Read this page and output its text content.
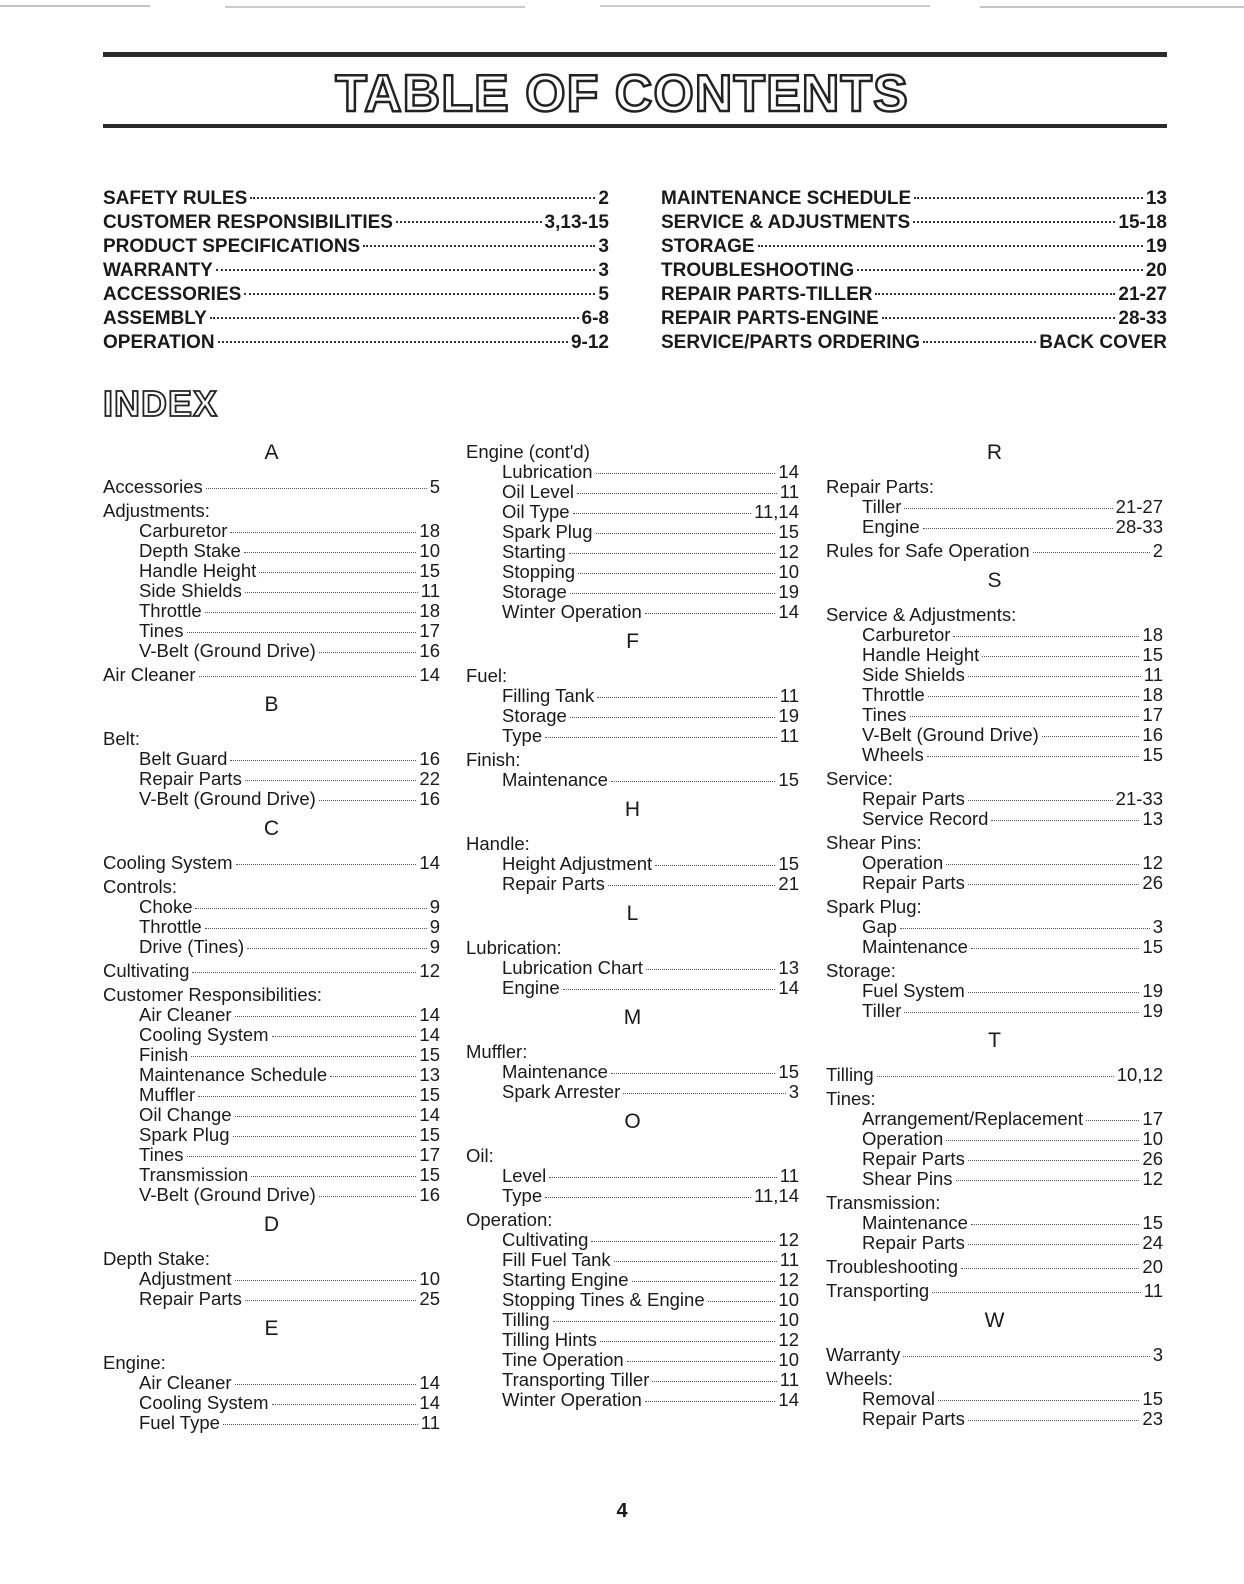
TABLE OF CONTENTS
SAFETY RULES	2
CUSTOMER RESPONSIBILITIES	3,13-15
PRODUCT SPECIFICATIONS	3
WARRANTY	3
ACCESSORIES	5
ASSEMBLY	6-8
OPERATION	9-12
MAINTENANCE SCHEDULE	13
SERVICE & ADJUSTMENTS	15-18
STORAGE	19
TROUBLESHOOTING	20
REPAIR PARTS-TILLER	21-27
REPAIR PARTS-ENGINE	28-33
SERVICE/PARTS ORDERING	BACK COVER
INDEX
A
Accessories	5
Adjustments:
Carburetor	18
Depth Stake	10
Handle Height	15
Side Shields	11
Throttle	18
Tines	17
V-Belt (Ground Drive)	16
Air Cleaner	14
B
Belt:
Belt Guard	16
Repair Parts	22
V-Belt (Ground Drive)	16
C
Cooling System	14
Controls:
Choke	9
Throttle	9
Drive (Tines)	9
Cultivating	12
Customer Responsibilities:
Air Cleaner	14
Cooling System	14
Finish	15
Maintenance Schedule	13
Muffler	15
Oil Change	14
Spark Plug	15
Tines	17
Transmission	15
V-Belt (Ground Drive)	16
D
Depth Stake:
Adjustment	10
Repair Parts	25
E
Engine:
Air Cleaner	14
Cooling System	14
Fuel Type	11
Engine (cont'd)
Lubrication	14
Oil Level	11
Oil Type	11,14
Spark Plug	15
Starting	12
Stopping	10
Storage	19
Winter Operation	14
F
Fuel:
Filling Tank	11
Storage	19
Type	11
Finish:
Maintenance	15
H
Handle:
Height Adjustment	15
Repair Parts	21
L
Lubrication:
Lubrication Chart	13
Engine	14
M
Muffler:
Maintenance	15
Spark Arrester	3
O
Oil:
Level	11
Type	11,14
Operation:
Cultivating	12
Fill Fuel Tank	11
Starting Engine	12
Stopping Tines & Engine	10
Tilling	10
Tilling Hints	12
Tine Operation	10
Transporting Tiller	11
Winter Operation	14
R
Repair Parts:
Tiller	21-27
Engine	28-33
Rules for Safe Operation	2
S
Service & Adjustments:
Carburetor	18
Handle Height	15
Side Shields	11
Throttle	18
Tines	17
V-Belt (Ground Drive)	16
Wheels	15
Service:
Repair Parts	21-33
Service Record	13
Shear Pins:
Operation	12
Repair Parts	26
Spark Plug:
Gap	3
Maintenance	15
Storage:
Fuel System	19
Tiller	19
T
Tilling	10,12
Tines:
Arrangement/Replacement	17
Operation	10
Repair Parts	26
Shear Pins	12
Transmission:
Maintenance	15
Repair Parts	24
Troubleshooting	20
Transporting	11
W
Warranty	3
Wheels:
Removal	15
Repair Parts	23
4
